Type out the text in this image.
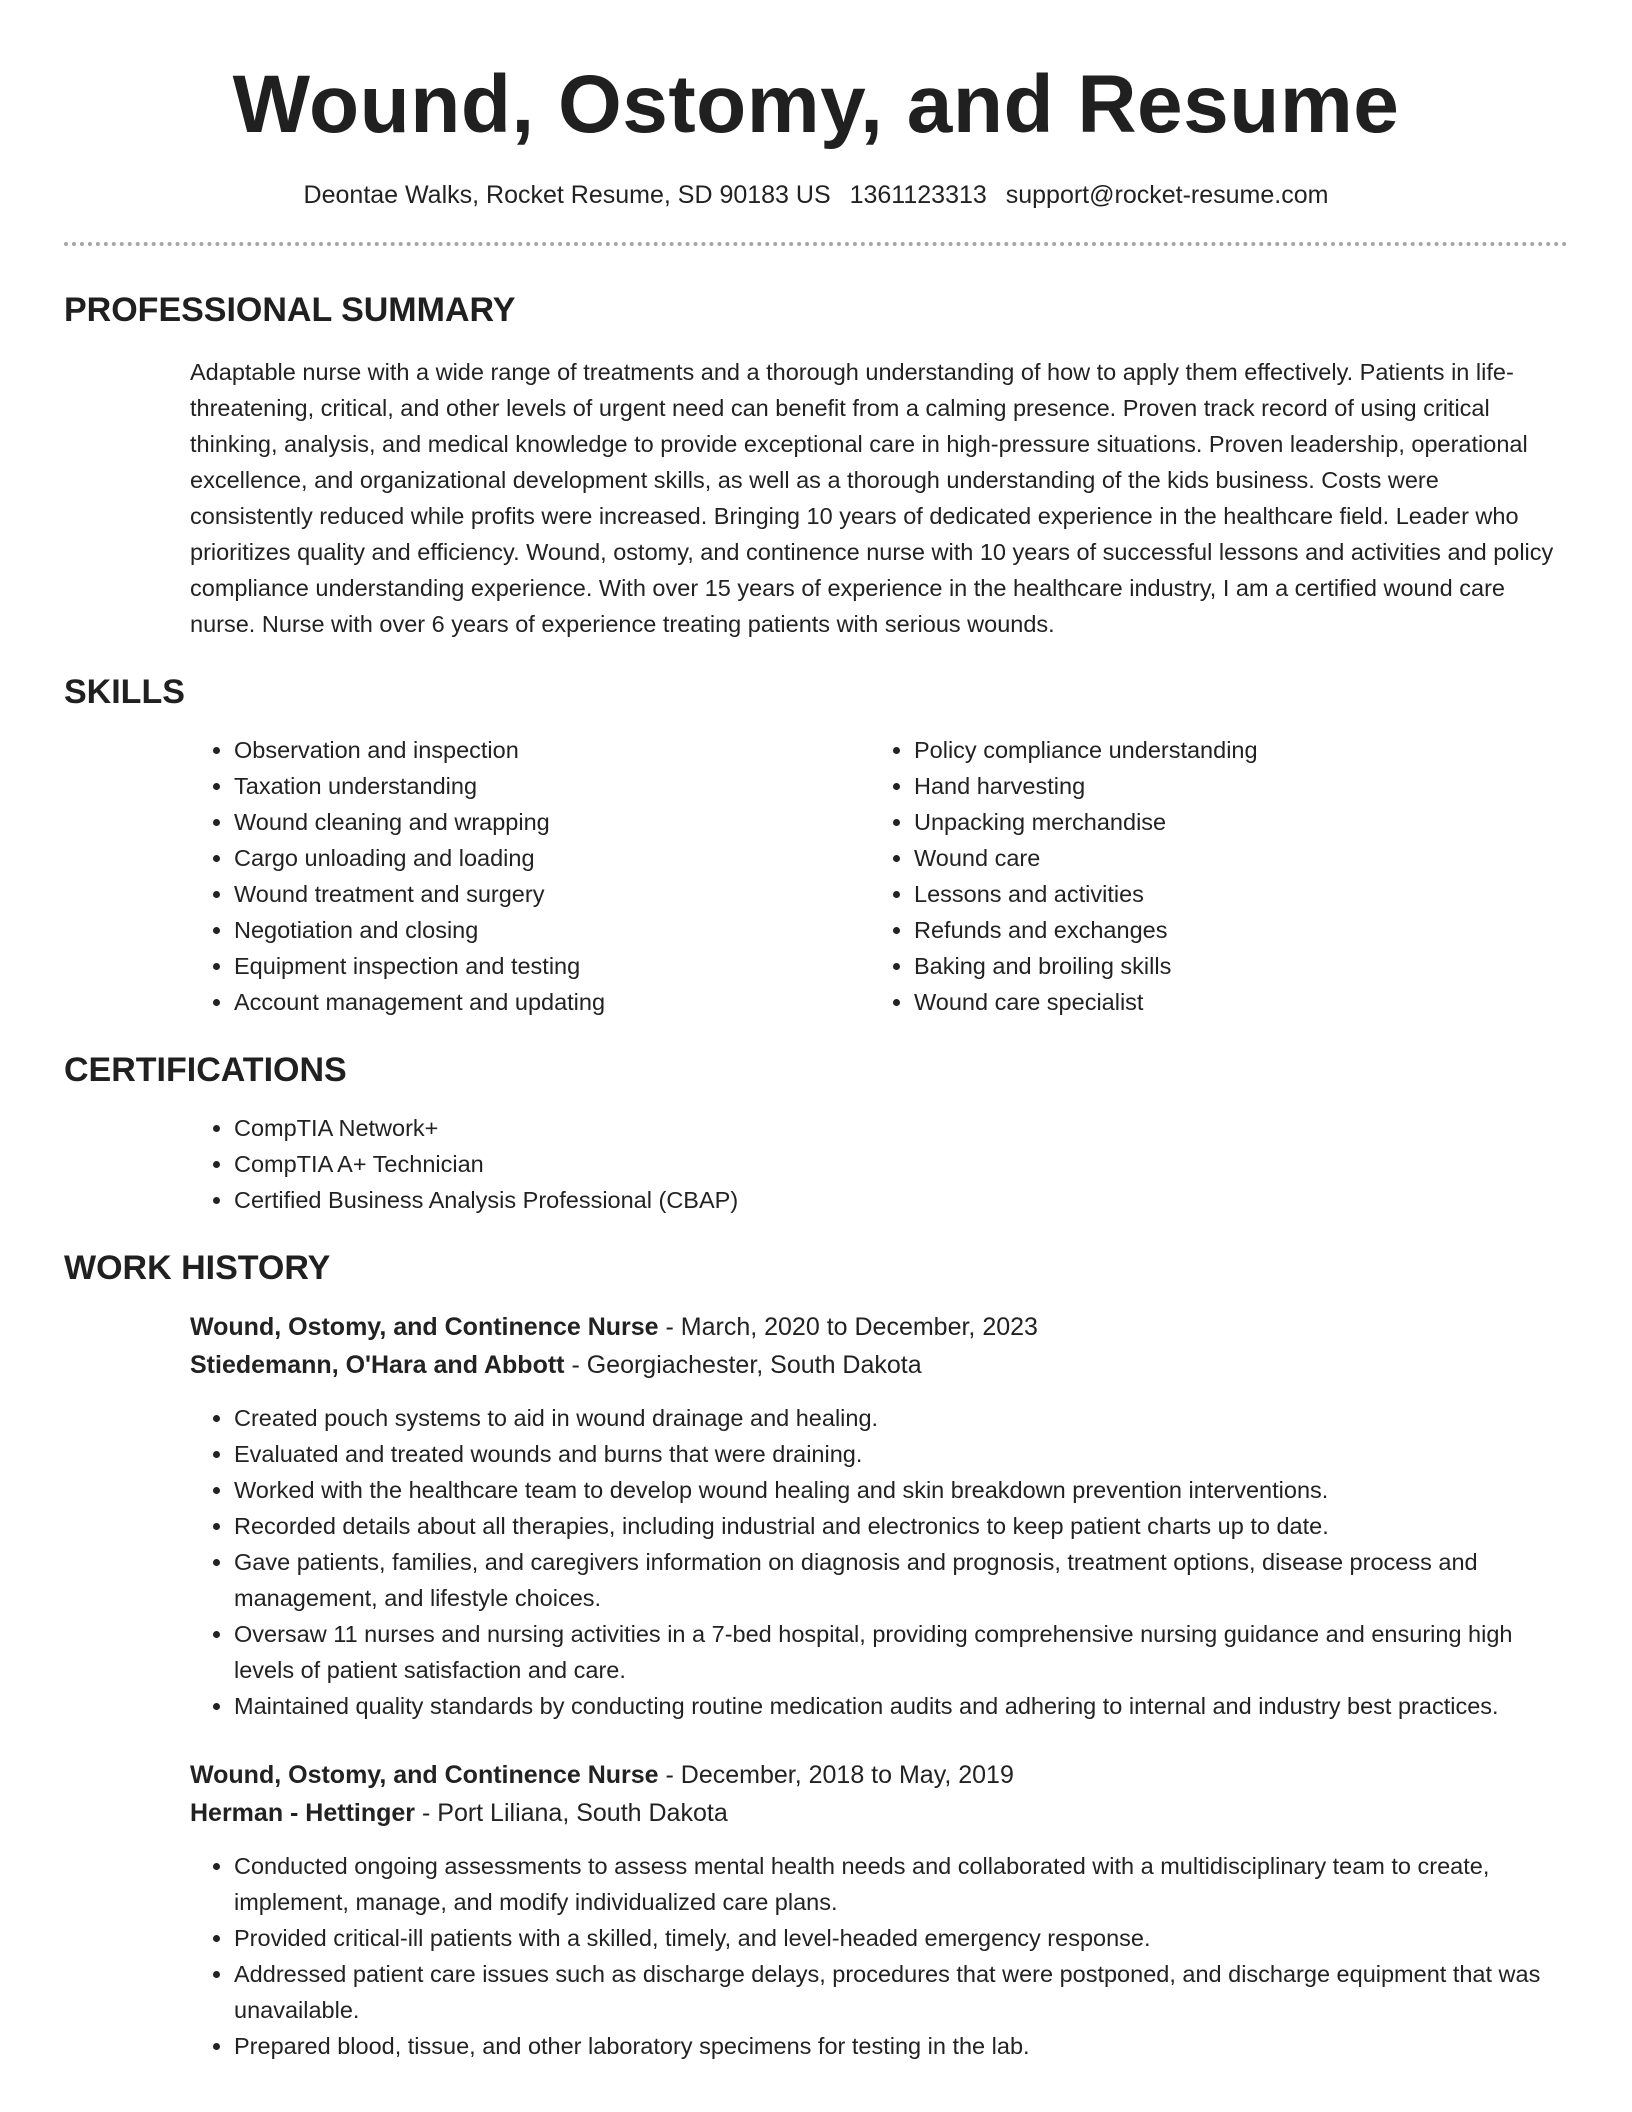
Wound, Ostomy, and Resume
Deontae Walks, Rocket Resume, SD 90183 US 1361123313 support@rocket-resume.com
PROFESSIONAL SUMMARY

Adaptable nurse with a wide range of treatments and a thorough understanding of how to apply them effectively. Patients in life-threatening, critical, and other levels of urgent need can benefit from a calming presence. Proven track record of using critical thinking, analysis, and medical knowledge to provide exceptional care in high-pressure situations. Proven leadership, operational excellence, and organizational development skills, as well as a thorough understanding of the kids business. Costs were consistently reduced while profits were increased. Bringing 10 years of dedicated experience in the healthcare field. Leader who prioritizes quality and efficiency. Wound, ostomy, and continence nurse with 10 years of successful lessons and activities and policy compliance understanding experience. With over 15 years of experience in the healthcare industry, I am a certified wound care nurse. Nurse with over 6 years of experience treating patients with serious wounds.

SKILLS
• Observation and inspection
• Taxation understanding
• Wound cleaning and wrapping
• Cargo unloading and loading
• Wound treatment and surgery
• Negotiation and closing
• Equipment inspection and testing
• Account management and updating
• Policy compliance understanding
• Hand harvesting
• Unpacking merchandise
• Wound care
• Lessons and activities
• Refunds and exchanges
• Baking and broiling skills
• Wound care specialist
CERTIFICATIONS
• CompTIA Network+
• CompTIA A+ Technician
• Certified Business Analysis Professional (CBAP)
WORK HISTORY
Wound, Ostomy, and Continence Nurse - March, 2020 to December, 2023
Stiedemann, O'Hara and Abbott - Georgiachester, South Dakota
• Created pouch systems to aid in wound drainage and healing.
• Evaluated and treated wounds and burns that were draining.
• Worked with the healthcare team to develop wound healing and skin breakdown prevention interventions.
• Recorded details about all therapies, including industrial and electronics to keep patient charts up to date.
• Gave patients, families, and caregivers information on diagnosis and prognosis, treatment options, disease process and management, and lifestyle choices.
• Oversaw 11 nurses and nursing activities in a 7-bed hospital, providing comprehensive nursing guidance and ensuring high levels of patient satisfaction and care.
• Maintained quality standards by conducting routine medication audits and adhering to internal and industry best practices.
Wound, Ostomy, and Continence Nurse - December, 2018 to May, 2019
Herman - Hettinger - Port Liliana, South Dakota
• Conducted ongoing assessments to assess mental health needs and collaborated with a multidisciplinary team to create, implement, manage, and modify individualized care plans.
• Provided critical-ill patients with a skilled, timely, and level-headed emergency response.
• Addressed patient care issues such as discharge delays, procedures that were postponed, and discharge equipment that was unavailable.
• Prepared blood, tissue, and other laboratory specimens for testing in the lab.
